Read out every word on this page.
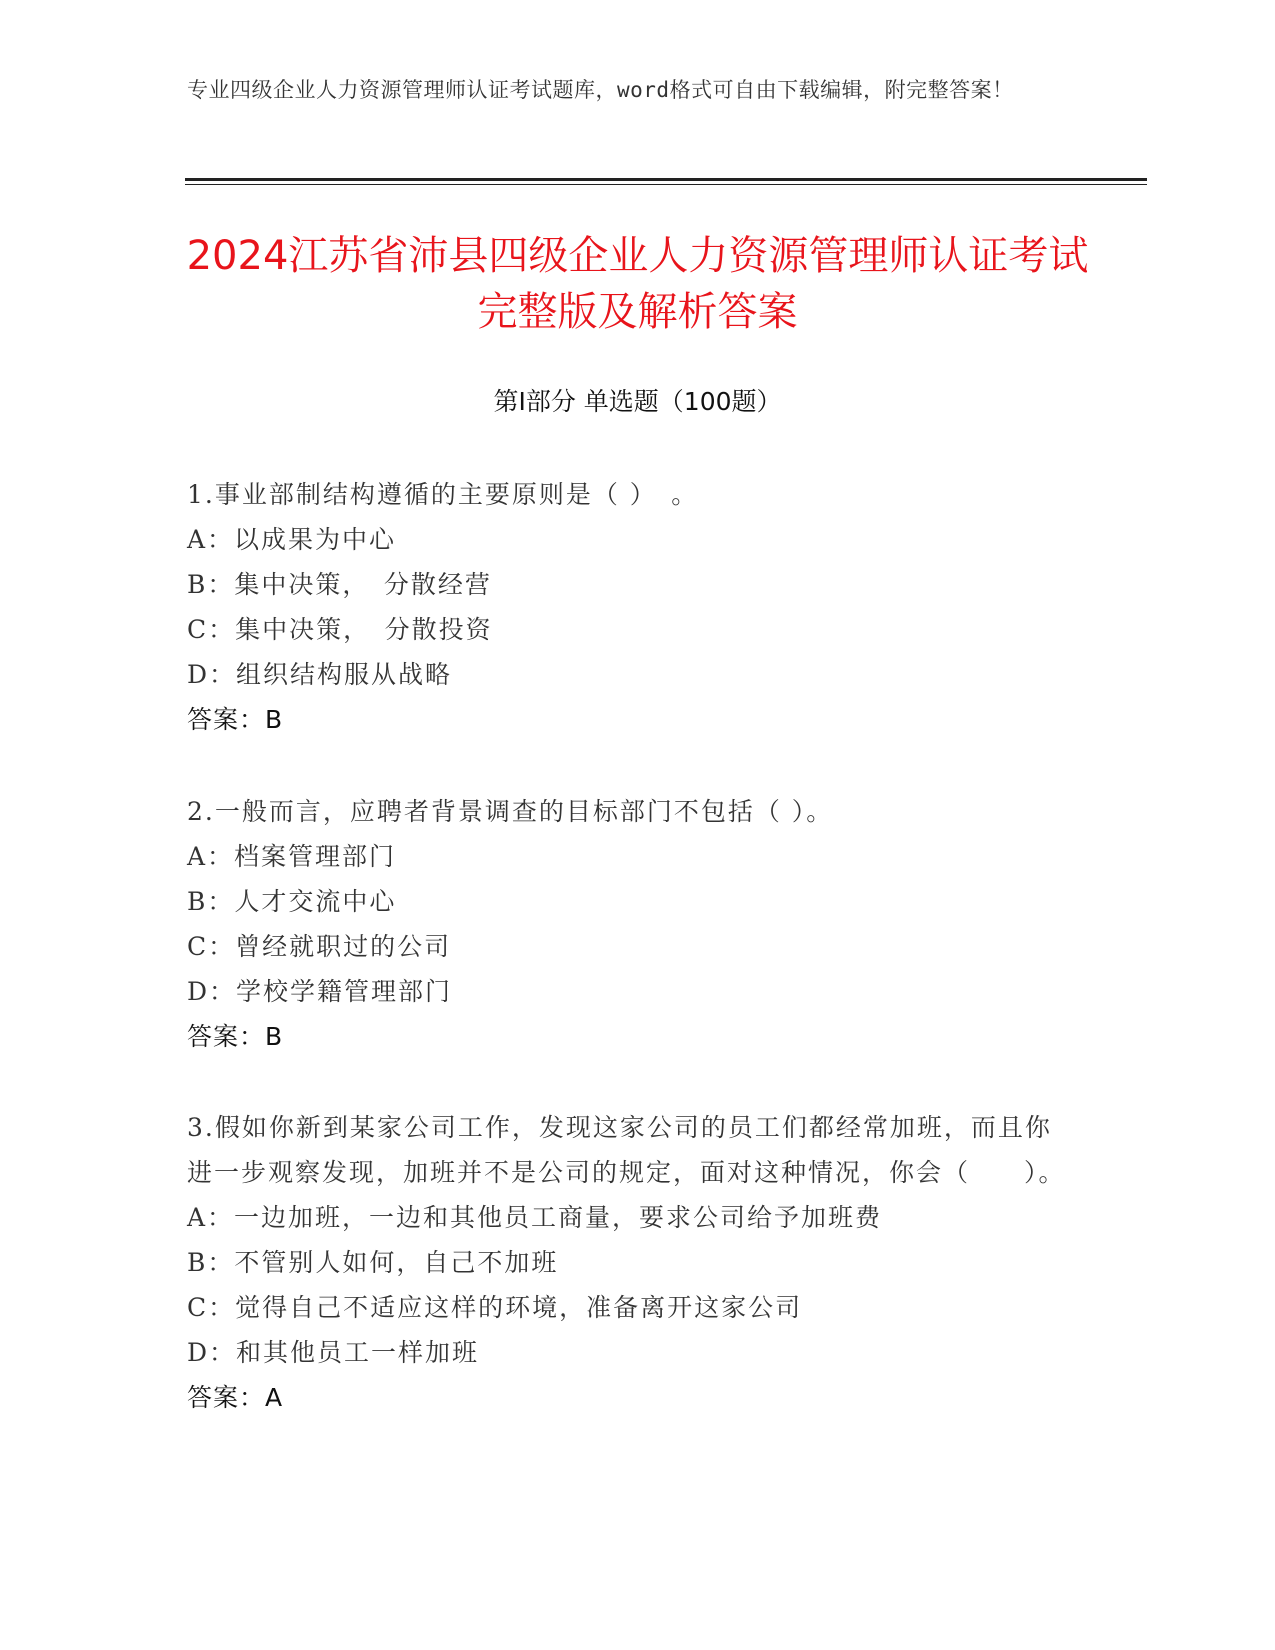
专业四级企业人力资源管理师认证考试题库，word格式可自由下载编辑，附完整答案！
2024江苏省沛县四级企业人力资源管理师认证考试完整版及解析答案
第Ⅰ部分 单选题（100题）
1.事业部制结构遵循的主要原则是（ ）　。
A：以成果为中心
B：集中决策，　分散经营
C：集中决策，　分散投资
D：组织结构服从战略
答案：B
2.一般而言，应聘者背景调查的目标部门不包括（ ）。
A：档案管理部门
B：人才交流中心
C：曾经就职过的公司
D：学校学籍管理部门
答案：B
3.假如你新到某家公司工作，发现这家公司的员工们都经常加班，而且你进一步观察发现，加班并不是公司的规定，面对这种情况，你会（　　）。
A：一边加班，一边和其他员工商量，要求公司给予加班费
B：不管别人如何，自己不加班
C：觉得自己不适应这样的环境，准备离开这家公司
D：和其他员工一样加班
答案：A
